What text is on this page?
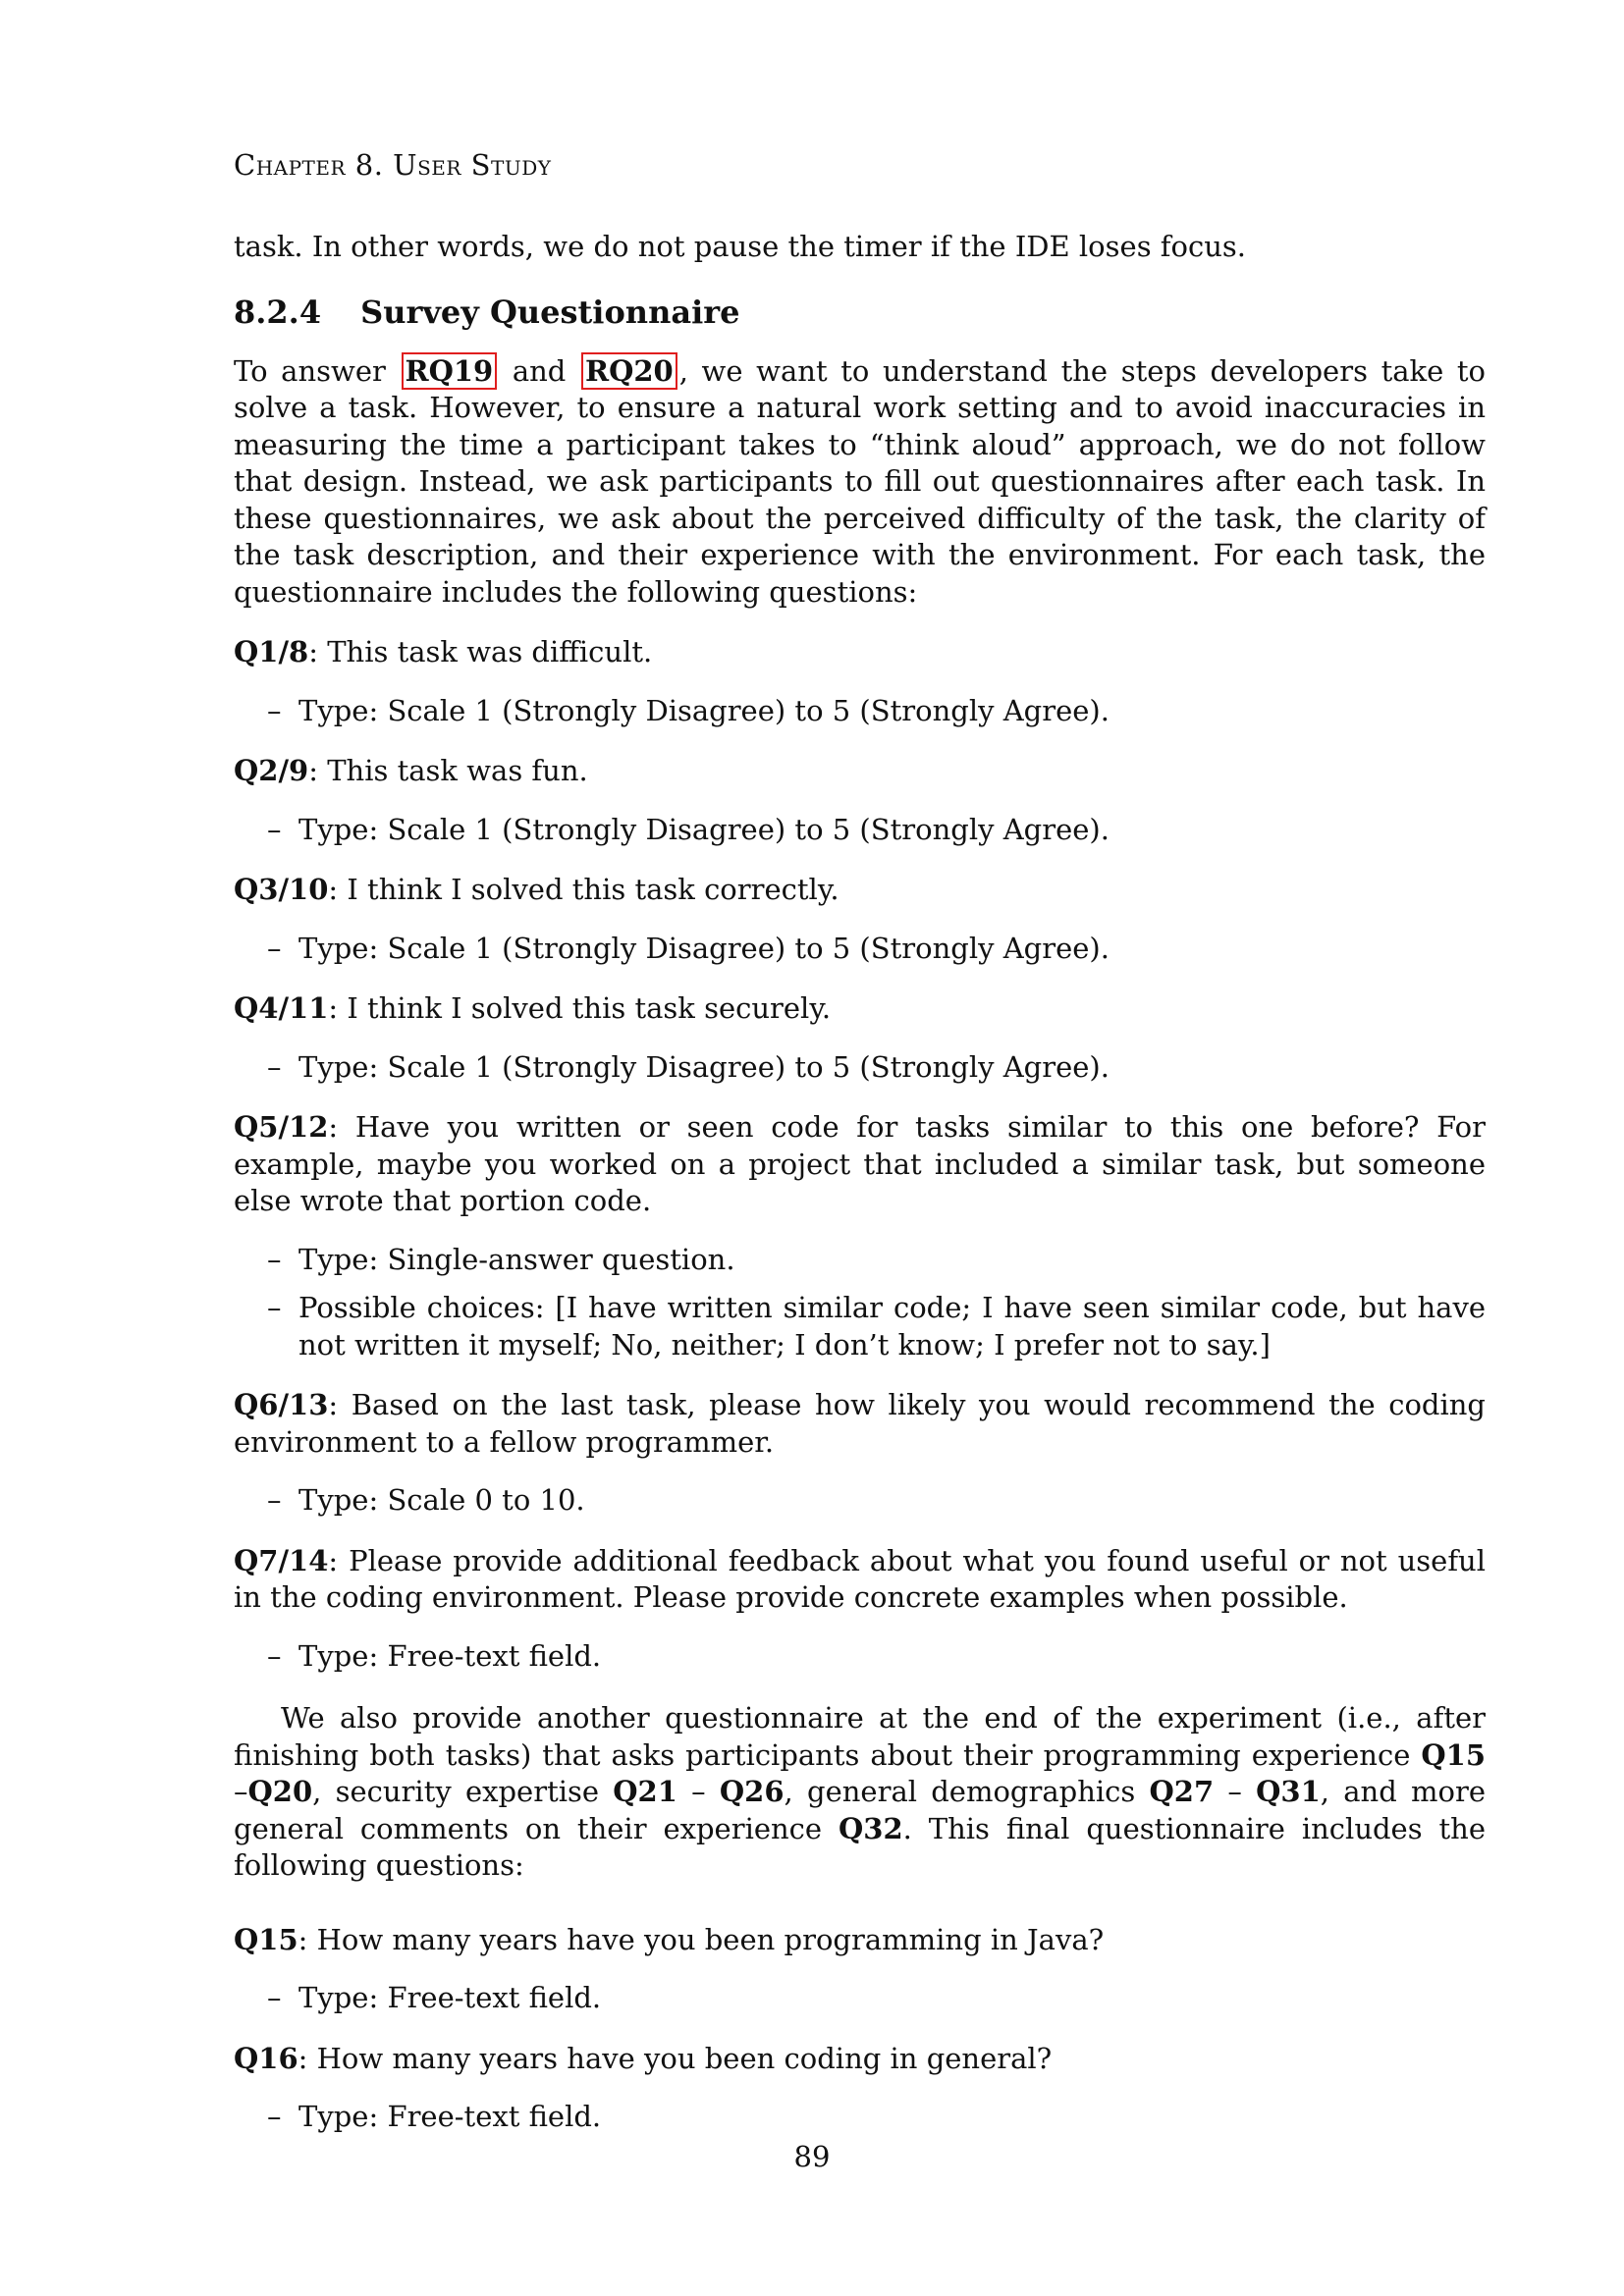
Chapter 8. User Study

task. In other words, we do not pause the timer if the IDE loses focus.

8.2.4 Survey Questionnaire

To answer RQ19 and RQ20 , we want to understand the steps developers take to solve a task. However, to ensure a natural work setting and to avoid inaccuracies in measuring the time a participant takes to “think aloud” approach, we do not follow that design. Instead, we ask participants to fill out questionnaires after each task. In these questionnaires, we ask about the perceived difficulty of the task, the clarity of the task description, and their experience with the environment. For each task, the questionnaire includes the following questions:

Q1/8: This task was difficult.

– Type: Scale 1 (Strongly Disagree) to 5 (Strongly Agree).

Q2/9: This task was fun.

– Type: Scale 1 (Strongly Disagree) to 5 (Strongly Agree).

Q3/10: I think I solved this task correctly.

– Type: Scale 1 (Strongly Disagree) to 5 (Strongly Agree).

Q4/11: I think I solved this task securely.

– Type: Scale 1 (Strongly Disagree) to 5 (Strongly Agree).

Q5/12: Have you written or seen code for tasks similar to this one before? For example, maybe you worked on a project that included a similar task, but someone else wrote that portion code.

– Type: Single-answer question.
– Possible choices: [I have written similar code; I have seen similar code, but have not written it myself; No, neither; I don’t know; I prefer not to say.]

Q6/13: Based on the last task, please how likely you would recommend the coding environment to a fellow programmer.

– Type: Scale 0 to 10.

Q7/14: Please provide additional feedback about what you found useful or not useful in the coding environment. Please provide concrete examples when possible.

– Type: Free-text field.

We also provide another questionnaire at the end of the experiment (i.e., after finishing both tasks) that asks participants about their programming experience Q15 –Q20, security expertise Q21 – Q26, general demographics Q27 – Q31, and more general comments on their experience Q32. This final questionnaire includes the following questions:

Q15: How many years have you been programming in Java?

– Type: Free-text field.

Q16: How many years have you been coding in general?

– Type: Free-text field.
89
